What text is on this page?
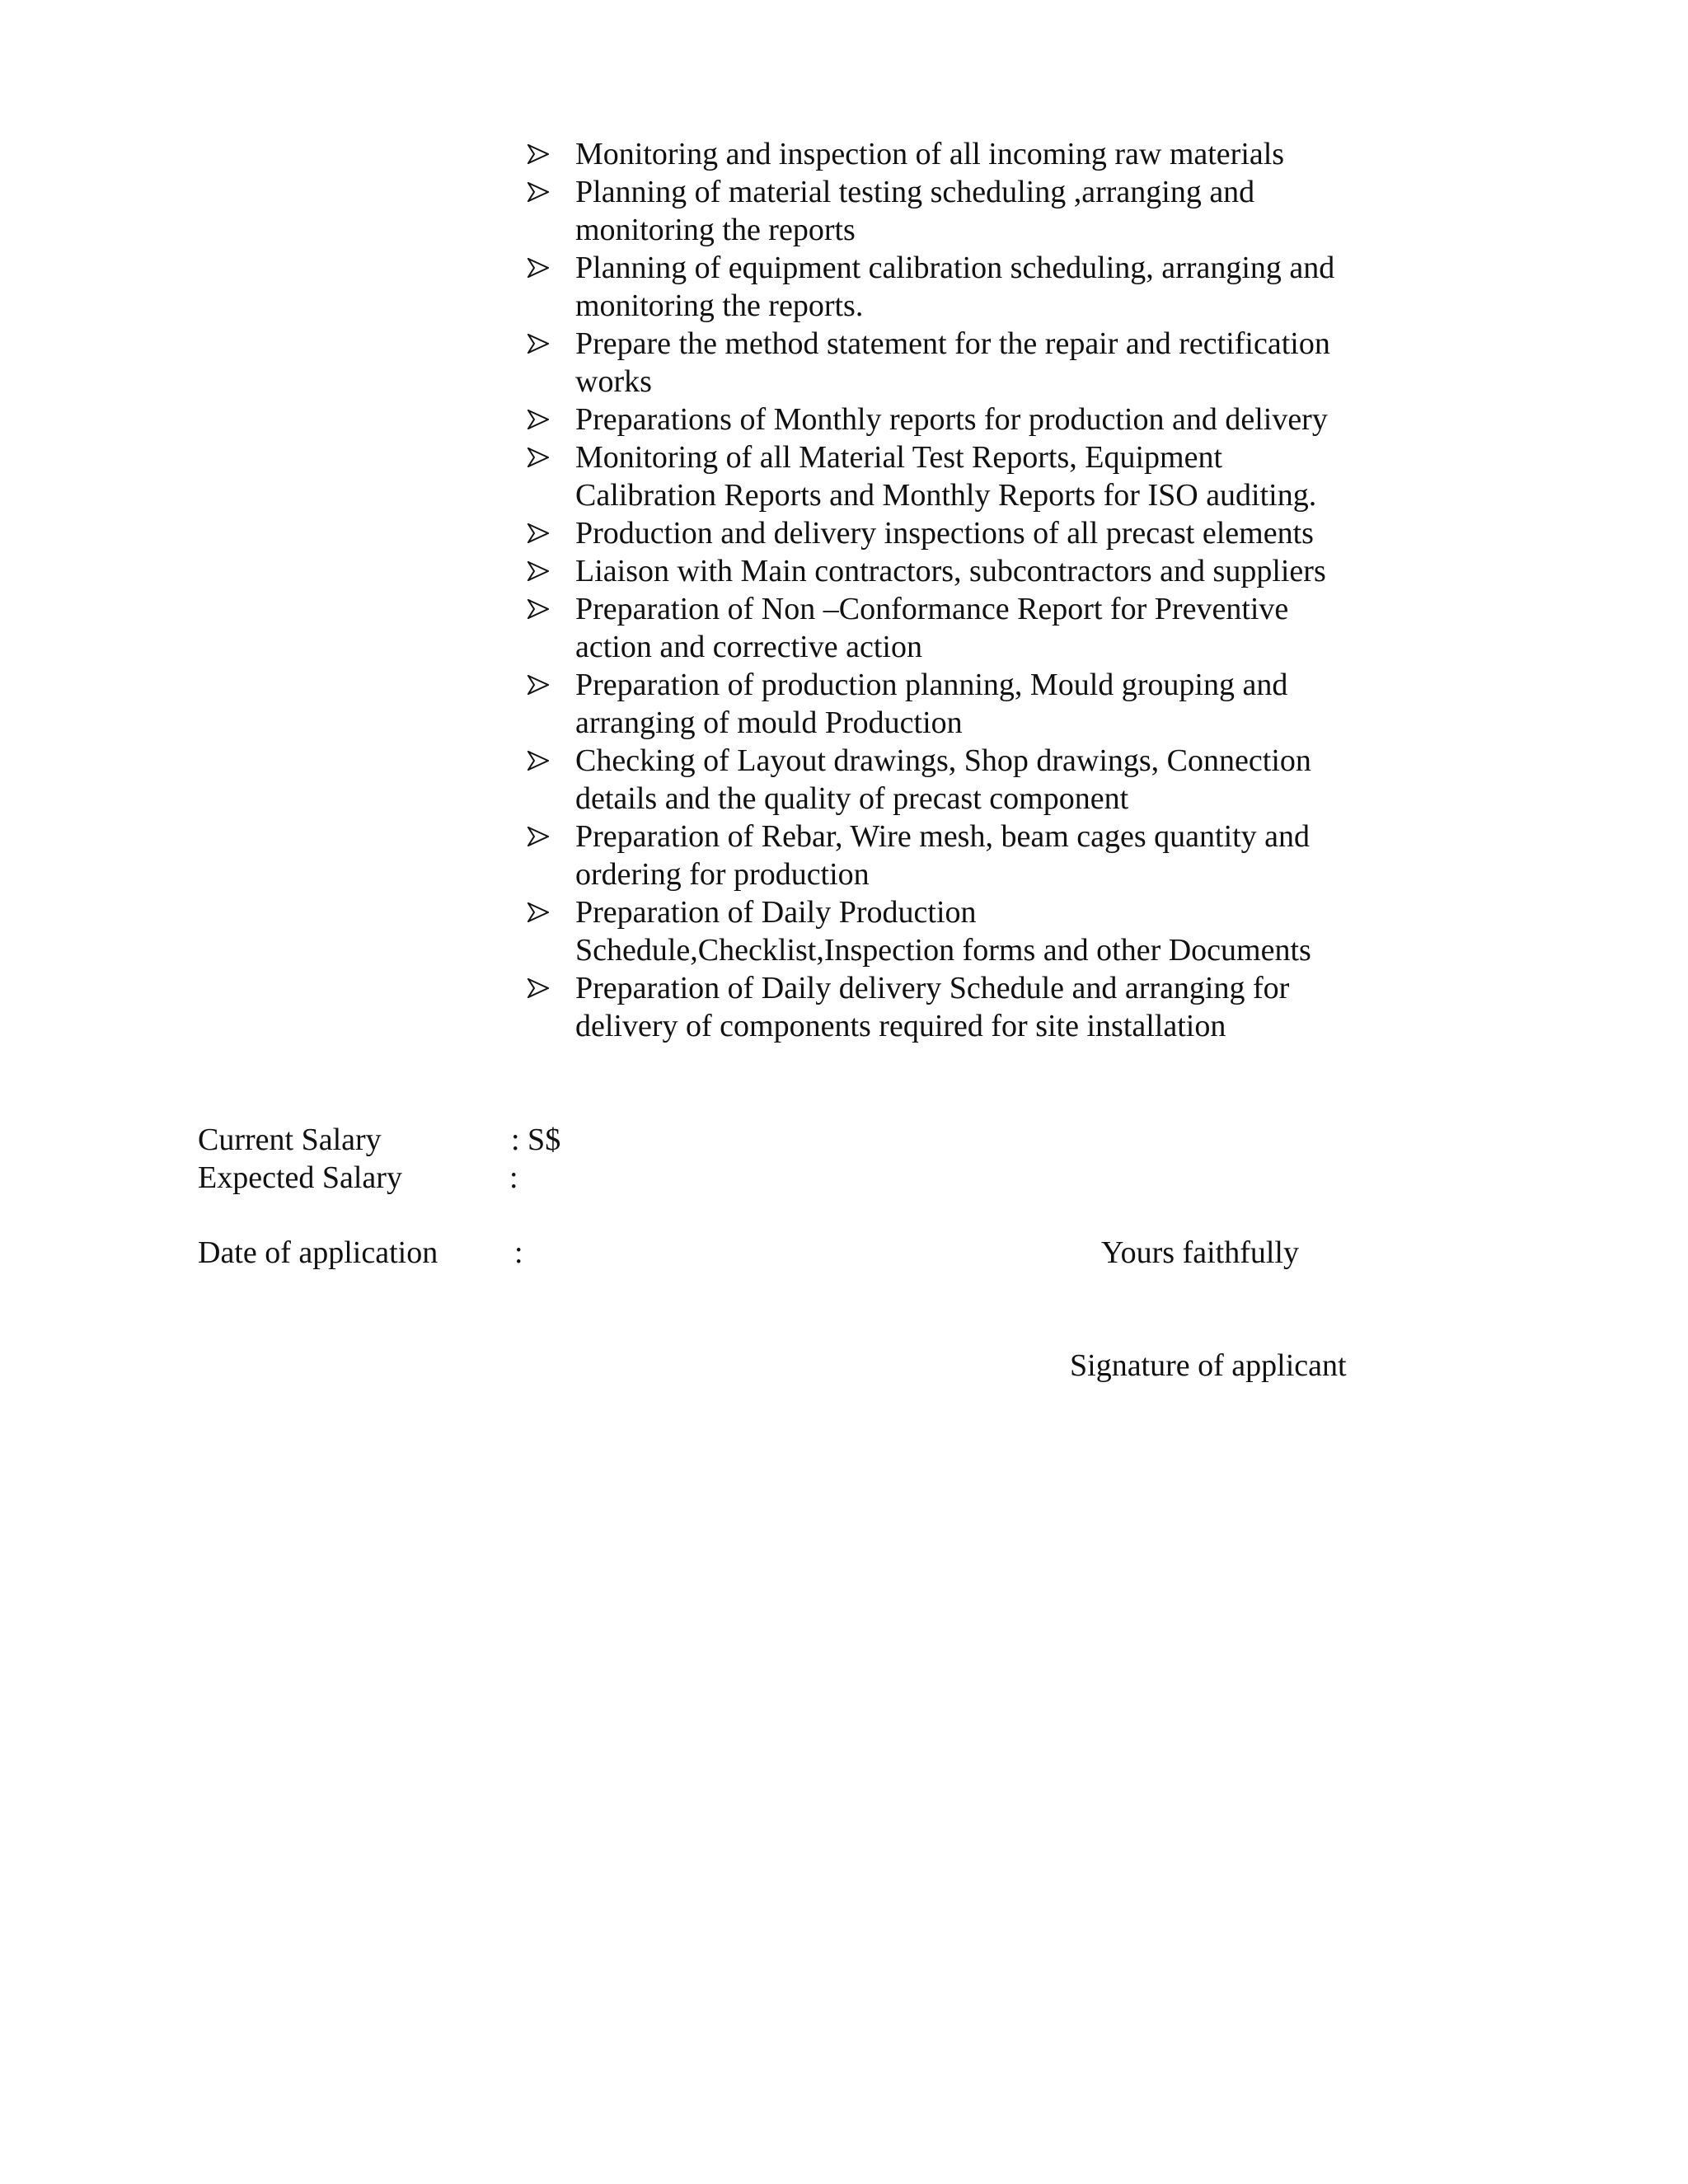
Monitoring and inspection of all incoming raw materials
Planning of material testing scheduling ,arranging and
monitoring the reports
Planning of equipment calibration scheduling, arranging and
monitoring the reports.
Prepare the method statement for the repair and rectification
works
Preparations of Monthly reports for production and delivery
Monitoring of all Material Test Reports, Equipment
Calibration Reports and Monthly Reports for ISO auditing.
Production and delivery inspections of all precast elements
Liaison with Main contractors, subcontractors and suppliers
Preparation of Non –Conformance Report for Preventive
action and corrective action
Preparation of production planning, Mould grouping and
arranging of mould Production
Checking of Layout drawings, Shop drawings, Connection
details and the quality of precast component
Preparation of Rebar, Wire mesh, beam cages quantity and
ordering for production
Preparation of Daily Production
Schedule,Checklist,Inspection forms and other Documents
Preparation of Daily delivery Schedule and arranging for
delivery of components required for site installation
Current Salary	: S$
Expected Salary	:
Date of application :	Yours faithfully
Signature of applicant
